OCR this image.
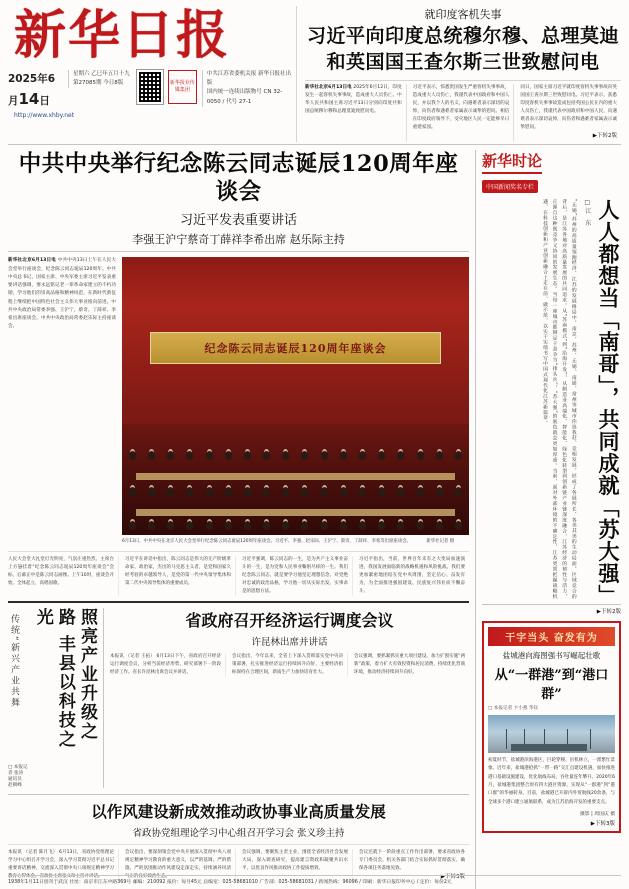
新华日报
2025年6月14日
星期六 乙巳年五月十九
第27085期 今日8版	新华报业传媒集团
中共江苏省委机关报 新华日报社出版
国内统一连续出版物号 CN 32-0050 / 代号 27-1
http://www.xhby.net
就印度客机失事
习近平向印度总统穆尔穆、总理莫迪
和英国国王查尔斯三世致慰问电
新华社北京6月13日电 2025年6月12日，印度发生一起客机失事事故，造成重大人员伤亡。中华人民共和国主席习近平13日分别向印度共和国总统穆尔穆和总理莫迪致慰问电。
习近平表示，惊悉贵国发生严重客机失事事故，造成重大人员伤亡，我谨代表中国政府和中国人民，并以我个人的名义，向遇难者表示深切的哀悼，向伤者和遇难者家属表示诚挚的慰问。相信在印度政府领导下，受灾地区人民一定能够早日重建家园。
同日，国家主席习近平就印度客机失事事故向英国国王查尔斯三世致慰问电。习近平表示，获悉印度客机失事事故造成包括英国公民在内的重大人员伤亡，我谨代表中国政府和中国人民，向遇难者表示深切哀悼，向伤者和遇难者家属表示诚挚慰问。
▶下转2版
中共中央举行纪念陈云同志诞辰120周年座谈会
习近平发表重要讲话
李强王沪宁蔡奇丁薛祥李希出席 赵乐际主持
新华社北京6月13日电 中共中央13日上午在人民大会堂举行座谈会，纪念陈云同志诞辰120周年。中共中央总书记、国家主席、中央军委主席习近平发表重要讲话强调，要永远铭记老一辈革命家建立的不朽功勋，学习他们的崇高品格和精神风范，在新时代新征程上继续把中国特色社会主义伟大事业推向前进。中共中央政治局常委李强、王沪宁、蔡奇、丁薛祥、李希出席座谈会。中共中央政治局常委赵乐际主持座谈会。
纪念陈云同志诞辰120周年座谈会
6月13日，中共中央在北京人民大会堂举行纪念陈云同志诞辰120周年座谈会。习近平、李强、赵乐际、王沪宁、蔡奇、丁薛祥、李希等出席座谈会。　　　　新华社记者 摄
人民大会堂大礼堂灯光明亮，气氛庄重热烈。主席台上方悬挂着“纪念陈云同志诞辰120周年座谈会”会标，后幕正中是陈云同志画像。上午10时，座谈会开始。全体起立，高唱国歌。
习近平在讲话中指出，陈云同志是伟大的无产阶级革命家、政治家，杰出的马克思主义者，是党和国家久经考验的卓越领导人，是党的第一代中央领导集体和第二代中央领导集体的重要成员。
习近平强调，陈云同志的一生，是为共产主义事业奋斗的一生，是为党和人民事业鞠躬尽瘁的一生。我们纪念陈云同志，就是要学习他坚定理想信念、对党绝对忠诚的政治品格，学习他一切从实际出发、实事求是的思想方法。
习近平指出，当前，世界百年未有之大变局加速演进，我国发展面临新的战略机遇和风险挑战。我们要更加紧密地团结在党中央周围，坚定信心、奋发有为，为全面推进强国建设、民族复兴伟业而不懈奋斗。
照亮产业升级之路 丰县以科技之光
传统“新兴产业共舞
□ 本报记者 张涛 通讯员 赵朝峰
省政府召开经济运行调度会议
许昆林出席并讲话
本报讯 （记者 王拓） 6月13日下午，省政府召开经济运行调度会议，分析当前经济形势，研究部署下一阶段经济工作。省长许昆林出席会议并讲话。
会议指出，今年以来，全省上下深入贯彻落实党中央决策部署，扎实推进经济运行持续回升向好，主要经济指标保持在合理区间，新质生产力加快培育壮大。
会议强调，要抓紧抓实重大项目建设，加力扩围实施“两新”政策，着力扩大有效投资和居民消费，持续优化营商环境，推动经济持续回升向好。
以作风建设新成效推动政协事业高质量发展
省政协党组理论学习中心组召开学习会 张义珍主持
本报讯 （记者 陈月飞） 6月13日，省政协党组理论学习中心组召开学习会，深入学习贯彻习近平总书记重要讲话精神，交流深入贯彻中央八项规定精神学习教育心得体会。省政协主席张义珍主持并讲话。
会议指出，要深刻领会党中央开展深入贯彻中央八项规定精神学习教育的重大意义，以严的基调、严的措施、严的氛围推动作风建设走深走实，持续涵养风清气正的良好政治生态。
会议强调，要聚焦主责主业，围绕全省经济社会发展大局，深入调查研究，提高建言资政和凝聚共识水平，以优良作风推动政协工作提质增效。
会议还就下一阶段重点工作作出部署，要求省政协各专门委员会、机关各部门结合实际抓好贯彻落实，确保各项任务落地见效。
▶下转3版
新华时论
中国新闻奖名专栏
人人都想当「南哥」，共同成就「苏大强」
□ 江　东
“无锡”苏州的高质量领跑经济、江苏的发展格局中，南京、苏州、无锡、南通、常州等城市你追我赶、竞相发展，形成了各展所长、各美其美的生动局面。区域竞合的背后，是江苏各地对高质量发展的共同追求。从“苏南模式”到“沿海开发”，从制造业高端化、智能化、绿色化转型到创新链产业链深度融合，江苏经济的韧性与活力，正源自这种既竞争又协同的发展生态。当每一座城市都铆足干劲争当“排头兵”，“苏大强”的底色就会更加厚重。当前，面对外部环境的不确定性，江苏更需把握战略机遇，在科技创新和产业创新融合上走在前、做示范，以实干实绩书写中国式现代化江苏新篇章。
▶下转2版
干字当头 奋发有为
盐城港向海图强书写崛起壮歌
从“一群港”到“港口群”
□ 本报记者 卞小燕 华钰
初夏时节，盐城港滨海港区，巨轮穿梭、吊机林立，一派繁忙景象。近年来，盐城港抢抓“一带一路”交汇点建设机遇，加快推进港口基础设施建设，优化航线布局，吞吐量连年攀升。2020年6月，盐城港集团整合原有四大港区资源，实现从“一群港”到“港口群”的华丽转身。目前，盐城港已开辟内外贸航线20余条，与全球多个港口建立通航联系，成为江苏沿海开发的重要支点。
摄影 | 周国庆 摄
▶下转3版
1938年1月11日创刊于武汉 社址：南京市江东中路369号 邮编：210092 报价：每月45元 总编室：025-58681010 广告部：025-58681031 / 新闻热线：96096 / 印刷：新华日报印务中心 / 定价：每份2元
